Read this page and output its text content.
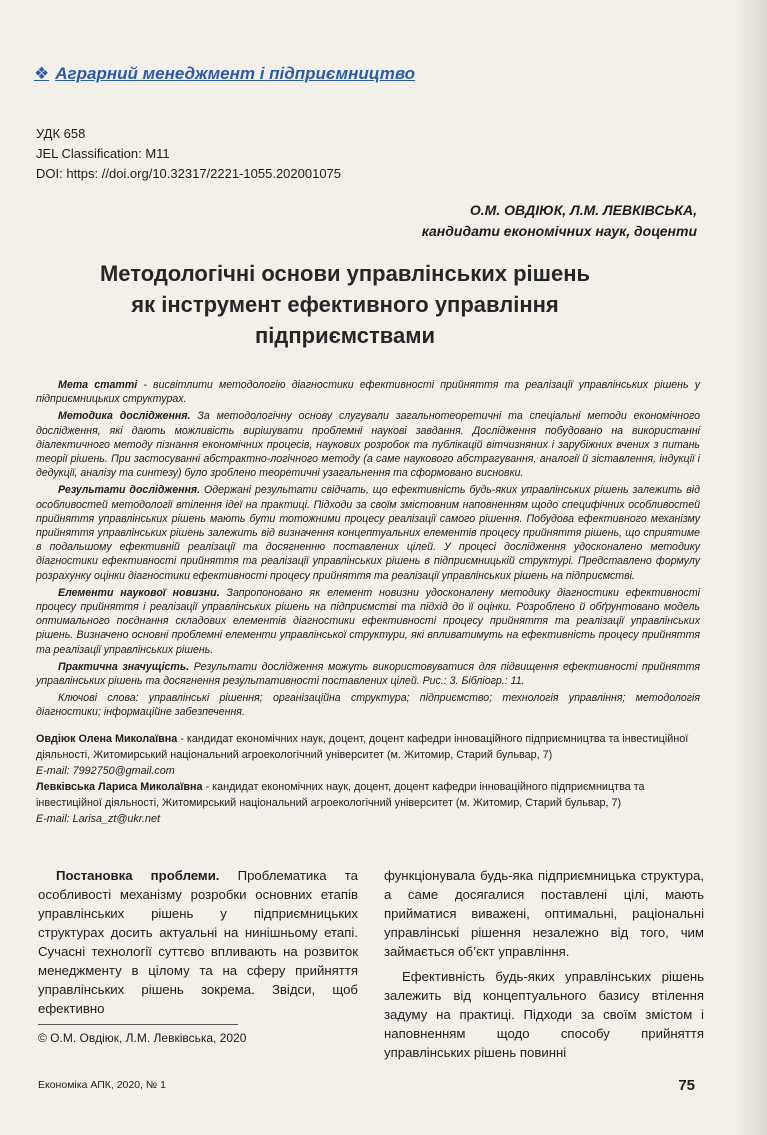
❖ Аграрний менеджмент і підприємництво
УДК 658
JEL Classification: M11
DOI: https: //doi.org/10.32317/2221-1055.202001075
О.М. ОВДІЮК, Л.М. ЛЕВКІВСЬКА,
кандидати економічних наук, доценти
Методологічні основи управлінських рішень як інструмент ефективного управління підприємствами

Мета статті - висвітлити методологію діагностики ефективності прийняття та реалізації управлінських рішень у підприємницьких структурах.

Методика дослідження. За методологічну основу слугували загальнотеоретичні та спеціальні методи економічного дослідження, які дають можливість вирішувати проблемні наукові завдання. Дослідження побудовано на використанні діалектичного методу пізнання економічних процесів, наукових розробок та публікацій вітчизняних і зарубіжних вчених з питань теорії рішень. При застосуванні абстрактно-логічного методу (а саме наукового абстрагування, аналогії й зіставлення, індукції і дедукції, аналізу та синтезу) було зроблено теоретичні узагальнення та сформовано висновки.

Результати дослідження. Одержані результати свідчать, що ефективність будь-яких управлінських рішень залежить від особливостей методології втілення ідеї на практиці. Підходи за своїм змістовним наповненням щодо специфічних особливостей прийняття управлінських рішень мають бути тотожними процесу реалізації самого рішення. Побудова ефективного механізму прийняття управлінських рішень залежить від визначення концептуальних елементів процесу прийняття рішень, що сприятиме в подальшому ефективній реалізації та досягненню поставлених цілей. У процесі дослідження удосконалено методику діагностики ефективності прийняття та реалізації управлінських рішень в підприємницькій структурі. Представлено формулу розрахунку оцінки діагностики ефективності процесу прийняття та реалізації управлінських рішень на підприємстві.

Елементи наукової новизни. Запропоновано як елемент новизни удосконалену методику діагностики ефективності процесу прийняття і реалізації управлінських рішень на підприємстві та підхід до її оцінки. Розроблено й обґрунтовано модель оптимального поєднання складових елементів діагностики ефективності процесу прийняття та реалізації управлінських рішень. Визначено основні проблемні елементи управлінської структури, які впливатимуть на ефективність процесу прийняття та реалізації управлінських рішень.

Практична значущість. Результати дослідження можуть використовуватися для підвищення ефективності прийняття управлінських рішень та досягнення результативності поставлених цілей. Рис.: 3. Бібліогр.: 11.

Ключові слова: управлінські рішення; організаційна структура; підприємство; технологія управління; методологія діагностики; інформаційне забезпечення.

Овдіюк Олена Миколаївна - кандидат економічних наук, доцент, доцент кафедри інноваційного підприємництва та інвестиційної діяльності, Житомирський національний агроекологічний університет (м. Житомир, Старий бульвар, 7)

E-mail: 7992750@gmail.com

Левківська Лариса Миколаївна - кандидат економічних наук, доцент, доцент кафедри інноваційного підприємництва та інвестиційної діяльності, Житомирський національний агроекологічний університет (м. Житомир, Старий бульвар, 7)

E-mail: Larisa_zt@ukr.net

Постановка проблеми. Проблематика та особливості механізму розробки основних етапів управлінських рішень у підприємницьких структурах досить актуальні на нинішньому етапі. Сучасні технології суттєво впливають на розвиток менеджменту в цілому та на сферу прийняття управлінських рішень зокрема. Звідси, щоб ефективно

функціонувала будь-яка підприємницька структура, а саме досягалися поставлені цілі, мають прийматися виважені, оптимальні, раціональні управлінські рішення незалежно від того, чим займається об’єкт управління.

Ефективність будь-яких управлінських рішень залежить від концептуального базису втілення задуму на практиці. Підходи за своїм змістом і наповненням щодо способу прийняття управлінських рішень повинні

© О.М. Овдіюк, Л.М. Левківська, 2020
Економіка АПК, 2020, № 1	75
